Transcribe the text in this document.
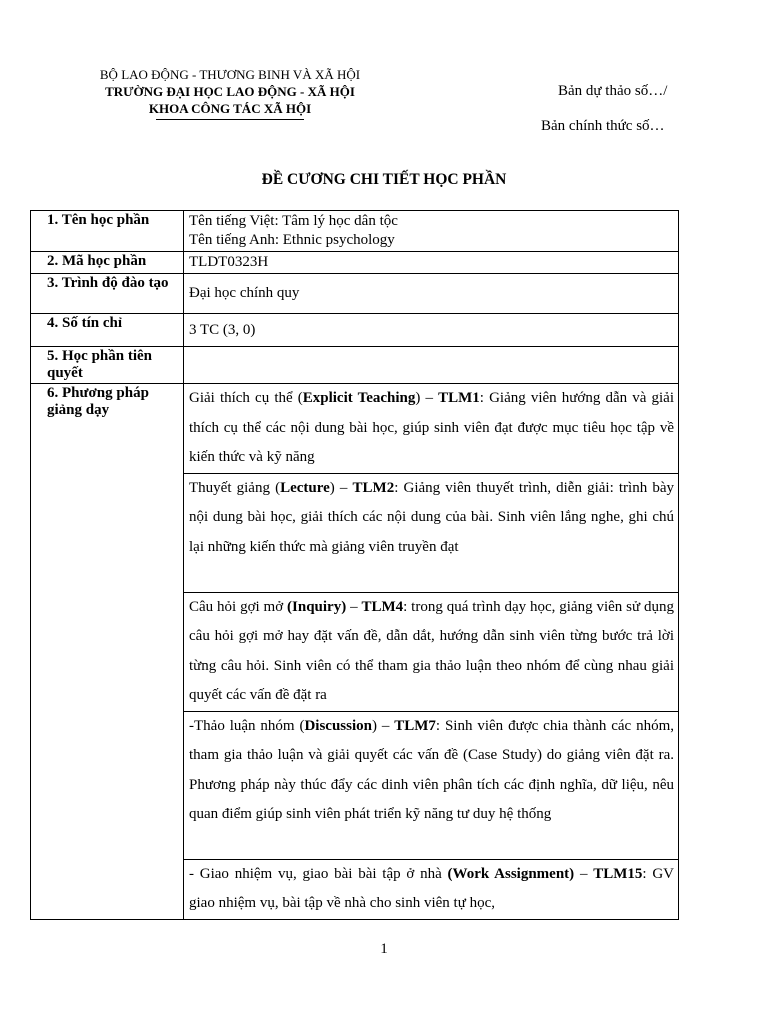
BỘ LAO ĐỘNG - THƯƠNG BINH VÀ XÃ HỘI
TRƯỜNG ĐẠI HỌC LAO ĐỘNG - XÃ HỘI
KHOA CÔNG TÁC XÃ HỘI
Bản dự thảo số…/
Bản chính thức số…
ĐỀ CƯƠNG CHI TIẾT HỌC PHẦN
1. Tên học phần	Tên tiếng Việt: Tâm lý học dân tộc
Tên tiếng Anh: Ethnic psychology

2. Mã học phần	TLDT0323H
3. Trình độ đào tạo	Đại học chính quy
4. Số tín chỉ	3 TC (3, 0)
5. Học phần tiên quyết	
6. Phương pháp giảng dạy	Giải thích cụ thể (Explicit Teaching) – TLM1: Giảng viên hướng dẫn và giải thích cụ thể các nội dung bài học, giúp sinh viên đạt được mục tiêu học tập về kiến thức và kỹ năng
	Thuyết giảng (Lecture) – TLM2: Giảng viên thuyết trình, diễn giải: trình bày nội dung bài học, giải thích các nội dung của bài. Sinh viên lắng nghe, ghi chú lại những kiến thức mà giảng viên truyền đạt
	Câu hỏi gợi mở (Inquiry) – TLM4: trong quá trình dạy học, giảng viên sử dụng câu hỏi gợi mở hay đặt vấn đề, dẫn dắt, hướng dẫn sinh viên từng bước trả lời từng câu hỏi. Sinh viên có thể tham gia thảo luận theo nhóm để cùng nhau giải quyết các vấn đề đặt ra
	-Thảo luận nhóm (Discussion) – TLM7: Sinh viên được chia thành các nhóm, tham gia thảo luận và giải quyết các vấn đề (Case Study) do giảng viên đặt ra. Phương pháp này thúc đẩy các dinh viên phân tích các định nghĩa, dữ liệu, nêu quan điểm giúp sinh viên phát triển kỹ năng tư duy hệ thống
	- Giao nhiệm vụ, giao bài bài tập ở nhà (Work Assignment) – TLM15: GV giao nhiệm vụ, bài tập về nhà cho sinh viên tự học,
1
